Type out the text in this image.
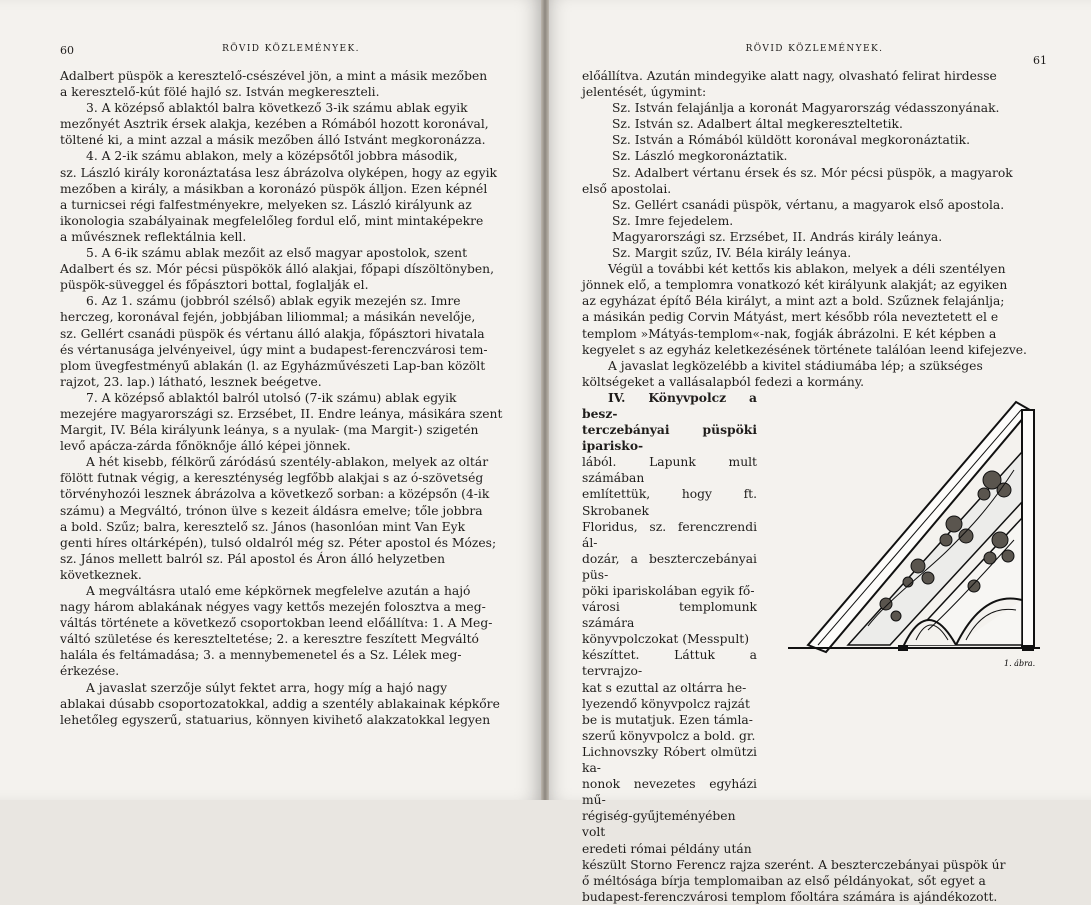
60	RÖVID KÖZLEMÉNYEK.

Adalbert püspök a keresztelő-csészével jön, a mint a másik mezőben

a keresztelő-kút fölé hajló sz. István megkereszteli.

3. A középső ablaktól balra következő 3-ik számu ablak egyik

mezőnyét Asztrik érsek alakja, kezében a Rómából hozott koronával,

töltené ki, a mint azzal a másik mezőben álló Istvánt megkoronázza.

4. A 2-ik számu ablakon, mely a középsőtől jobbra második,

sz. László király koronáztatása lesz ábrázolva olyképen, hogy az egyik

mezőben a király, a másikban a koronázó püspök álljon. Ezen képnél

a turnicsei régi falfestményekre, melyeken sz. László királyunk az

ikonologia szabályainak megfelelőleg fordul elő, mint mintaképekre

a művésznek reflektálnia kell.

5. A 6-ik számu ablak mezőit az első magyar apostolok, szent

Adalbert és sz. Mór pécsi püspökök álló alakjai, főpapi díszöltönyben,

püspök-süveggel és főpásztori bottal, foglalják el.

6. Az 1. számu (jobbról szélső) ablak egyik mezején sz. Imre

herczeg, koronával fején, jobbjában liliommal; a másikán nevelője,

sz. Gellért csanádi püspök és vértanu álló alakja, főpásztori hivatala

és vértanusága jelvényeivel, úgy mint a budapest-ferenczvárosi tem-

plom üvegfestményű ablakán (l. az Egyházművészeti Lap-ban közölt

rajzot, 23. lap.) látható, lesznek beégetve.

7. A középső ablaktól balról utolsó (7-ik számu) ablak egyik

mezejére magyarországi sz. Erzsébet, II. Endre leánya, másikára szent

Margit, IV. Béla királyunk leánya, s a nyulak- (ma Margit-) szigetén

levő apácza-zárda főnöknője álló képei jönnek.

A hét kisebb, félkörű záródású szentély-ablakon, melyek az oltár

fölött futnak végig, a kereszténység legfőbb alakjai s az ó-szövetség

törvényhozói lesznek ábrázolva a következő sorban: a középsőn (4-ik

számu) a Megváltó, trónon ülve s kezeit áldásra emelve; tőle jobbra

a bold. Szűz; balra, keresztelő sz. János (hasonlóan mint Van Eyk

genti híres oltárképén), tulsó oldalról még sz. Péter apostol és Mózes;

sz. János mellett balról sz. Pál apostol és Áron álló helyzetben

következnek.

A megváltásra utaló eme képkörnek megfelelve azután a hajó

nagy három ablakának négyes vagy kettős mezején folosztva a meg-

váltás története a következő csoportokban leend előállítva: 1. A Meg-

váltó születése és keresztelte​tése; 2. a keresztre feszített Megváltó

halála és feltámadása; 3. a mennybemenetel és a Sz. Lélek meg-

érkezése.

A javaslat szerzője súlyt fektet arra, hogy míg a hajó nagy

ablakai dúsabb csoportozatokkal, addig a szentély ablakainak képkőre

lehetőleg egyszerű, statuarius, könnyen kivihető alakzatokkal legyen

RÖVID KÖZLEMÉNYEK.
61

előállítva. Azután mindegyike alatt nagy, olvasható felirat hirdesse

jelentését, úgymint:

Sz. István felajánlja a koronát Magyarország védasszonyának.

Sz. István sz. Adalbert által megkereszteltetik.

Sz. István a Rómából küldött koronával megkoronáztatik.

Sz. László megkoronáztatik.

Sz. Adalbert vértanu érsek és sz. Mór pécsi püspök, a magyarok

első apostolai.

Sz. Gellért csanádi püspök, vértanu, a magyarok első apostola.

Sz. Imre fejedelem.

Magyarországi sz. Erzsébet, II. András király leánya.

Sz. Margit szűz, IV. Béla király leánya.

Végül a további két kettős kis ablakon, melyek a déli szentélyen

jönnek elő, a templomra vonatkozó két királyunk alakját; az egyiken

az egyházat építő Béla királyt, a mint azt a bold. Szűznek felajánlja;

a másikán pedig Corvin Mátyást, mert később róla nevezte​tett el e

templom »Mátyás-templom«-nak, fogják ábrázolni. E két képben a

kegyelet s az egyház keletkezésének története találóan leend kifejezve.

A javaslat legközelébb a kivitel stádiumába lép; a szükséges

költségeket a vallásalapból fedezi a kormány.

IV. Könyvpolcz a besz-

terczebányai püspöki iparisko-

lából. Lapunk mult számában

említettük, hogy ft. Skrobanek

Floridus, sz. ferenczrendi ál-

dozár, a beszterczebányai püs-

pöki ipariskolában egyik fő-

városi templomunk számára

könyvpolczokat (Messpult)

készíttet. Láttuk a tervrajzo-

kat s ezuttal az oltárra he-

lyezendő könyvpolcz rajzát

be is mutatjuk. Ezen támla-

szerű könyvpolcz a bold. gr.

Lichnovszky Róbert olmützi ka-

nonok nevezetes egyházi mű-

régiség-gyűjteményében volt

eredeti római példány után

1. ábra.

készült Storno Ferencz rajza szerént. A beszterczebányai püspök úr

ő méltósága bírja templomaiban az első példányokat, sőt egyet a

budapest-ferenczvárosi templom főoltára számára is ajándékozott.
